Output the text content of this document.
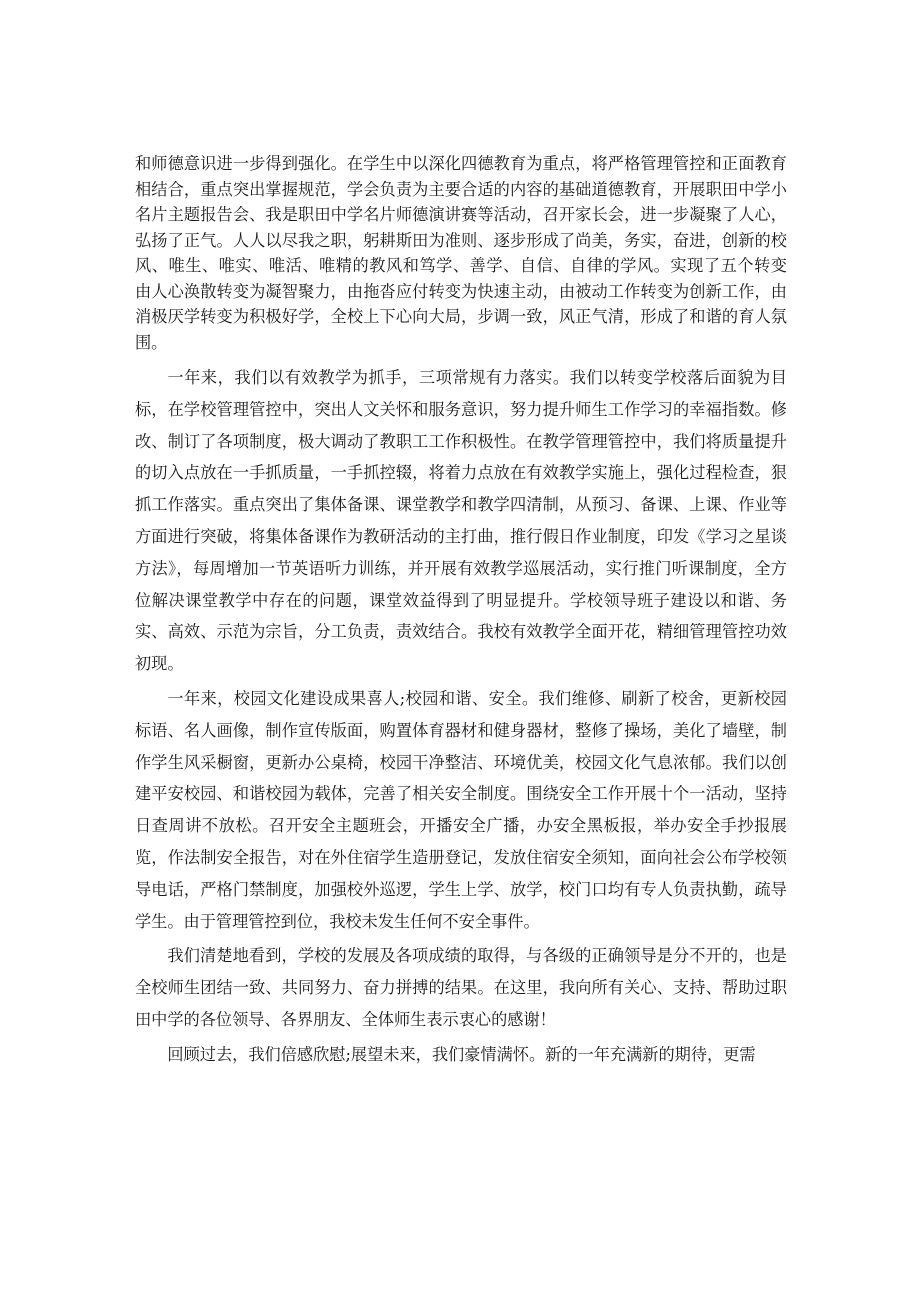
和师德意识进一步得到强化。在学生中以深化四德教育为重点，将严格管理管控和正面教育相结合，重点突出掌握规范，学会负责为主要合适的内容的基础道德教育，开展职田中学小名片主题报告会、我是职田中学名片师德演讲赛等活动，召开家长会，进一步凝聚了人心，弘扬了正气。人人以尽我之职，躬耕斯田为准则、逐步形成了尚美，务实，奋进，创新的校风、唯生、唯实、唯活、唯精的教风和笃学、善学、自信、自律的学风。实现了五个转变 由人心涣散转变为凝智聚力，由拖沓应付转变为快速主动，由被动工作转变为创新工作，由消极厌学转变为积极好学，全校上下心向大局，步调一致，风正气清，形成了和谐的育人氛围。

一年来，我们以有效教学为抓手，三项常规有力落实。我们以转变学校落后面貌为目标，在学校管理管控中，突出人文关怀和服务意识，努力提升师生工作学习的幸福指数。修改、制订了各项制度，极大调动了教职工工作积极性。在教学管理管控中，我们将质量提升的切入点放在一手抓质量，一手抓控辍，将着力点放在有效教学实施上，强化过程检查，狠抓工作落实。重点突出了集体备课、课堂教学和教学四清制，从预习、备课、上课、作业等方面进行突破，将集体备课作为教研活动的主打曲，推行假日作业制度，印发《学习之星谈方法》，每周增加一节英语听力训练，并开展有效教学巡展活动，实行推门听课制度，全方位解决课堂教学中存在的问题，课堂效益得到了明显提升。学校领导班子建设以和谐、务实、高效、示范为宗旨，分工负责，责效结合。我校有效教学全面开花，精细管理管控功效初现。

一年来，校园文化建设成果喜人;校园和谐、安全。我们维修、刷新了校舍，更新校园标语、名人画像，制作宣传版面，购置体育器材和健身器材，整修了操场，美化了墙壁，制作学生风采橱窗，更新办公桌椅，校园干净整洁、环境优美，校园文化气息浓郁。我们以创建平安校园、和谐校园为载体，完善了相关安全制度。围绕安全工作开展十个一活动，坚持日查周讲不放松。召开安全主题班会，开播安全广播，办安全黑板报，举办安全手抄报展览，作法制安全报告，对在外住宿学生造册登记，发放住宿安全须知，面向社会公布学校领导电话，严格门禁制度，加强校外巡逻，学生上学、放学，校门口均有专人负责执勤，疏导学生。由于管理管控到位，我校未发生任何不安全事件。

我们清楚地看到，学校的发展及各项成绩的取得，与各级的正确领导是分不开的，也是全校师生团结一致、共同努力、奋力拼搏的结果。在这里，我向所有关心、支持、帮助过职田中学的各位领导、各界朋友、全体师生表示衷心的感谢！

回顾过去，我们倍感欣慰;展望未来，我们豪情满怀。新的一年充满新的期待，更需
